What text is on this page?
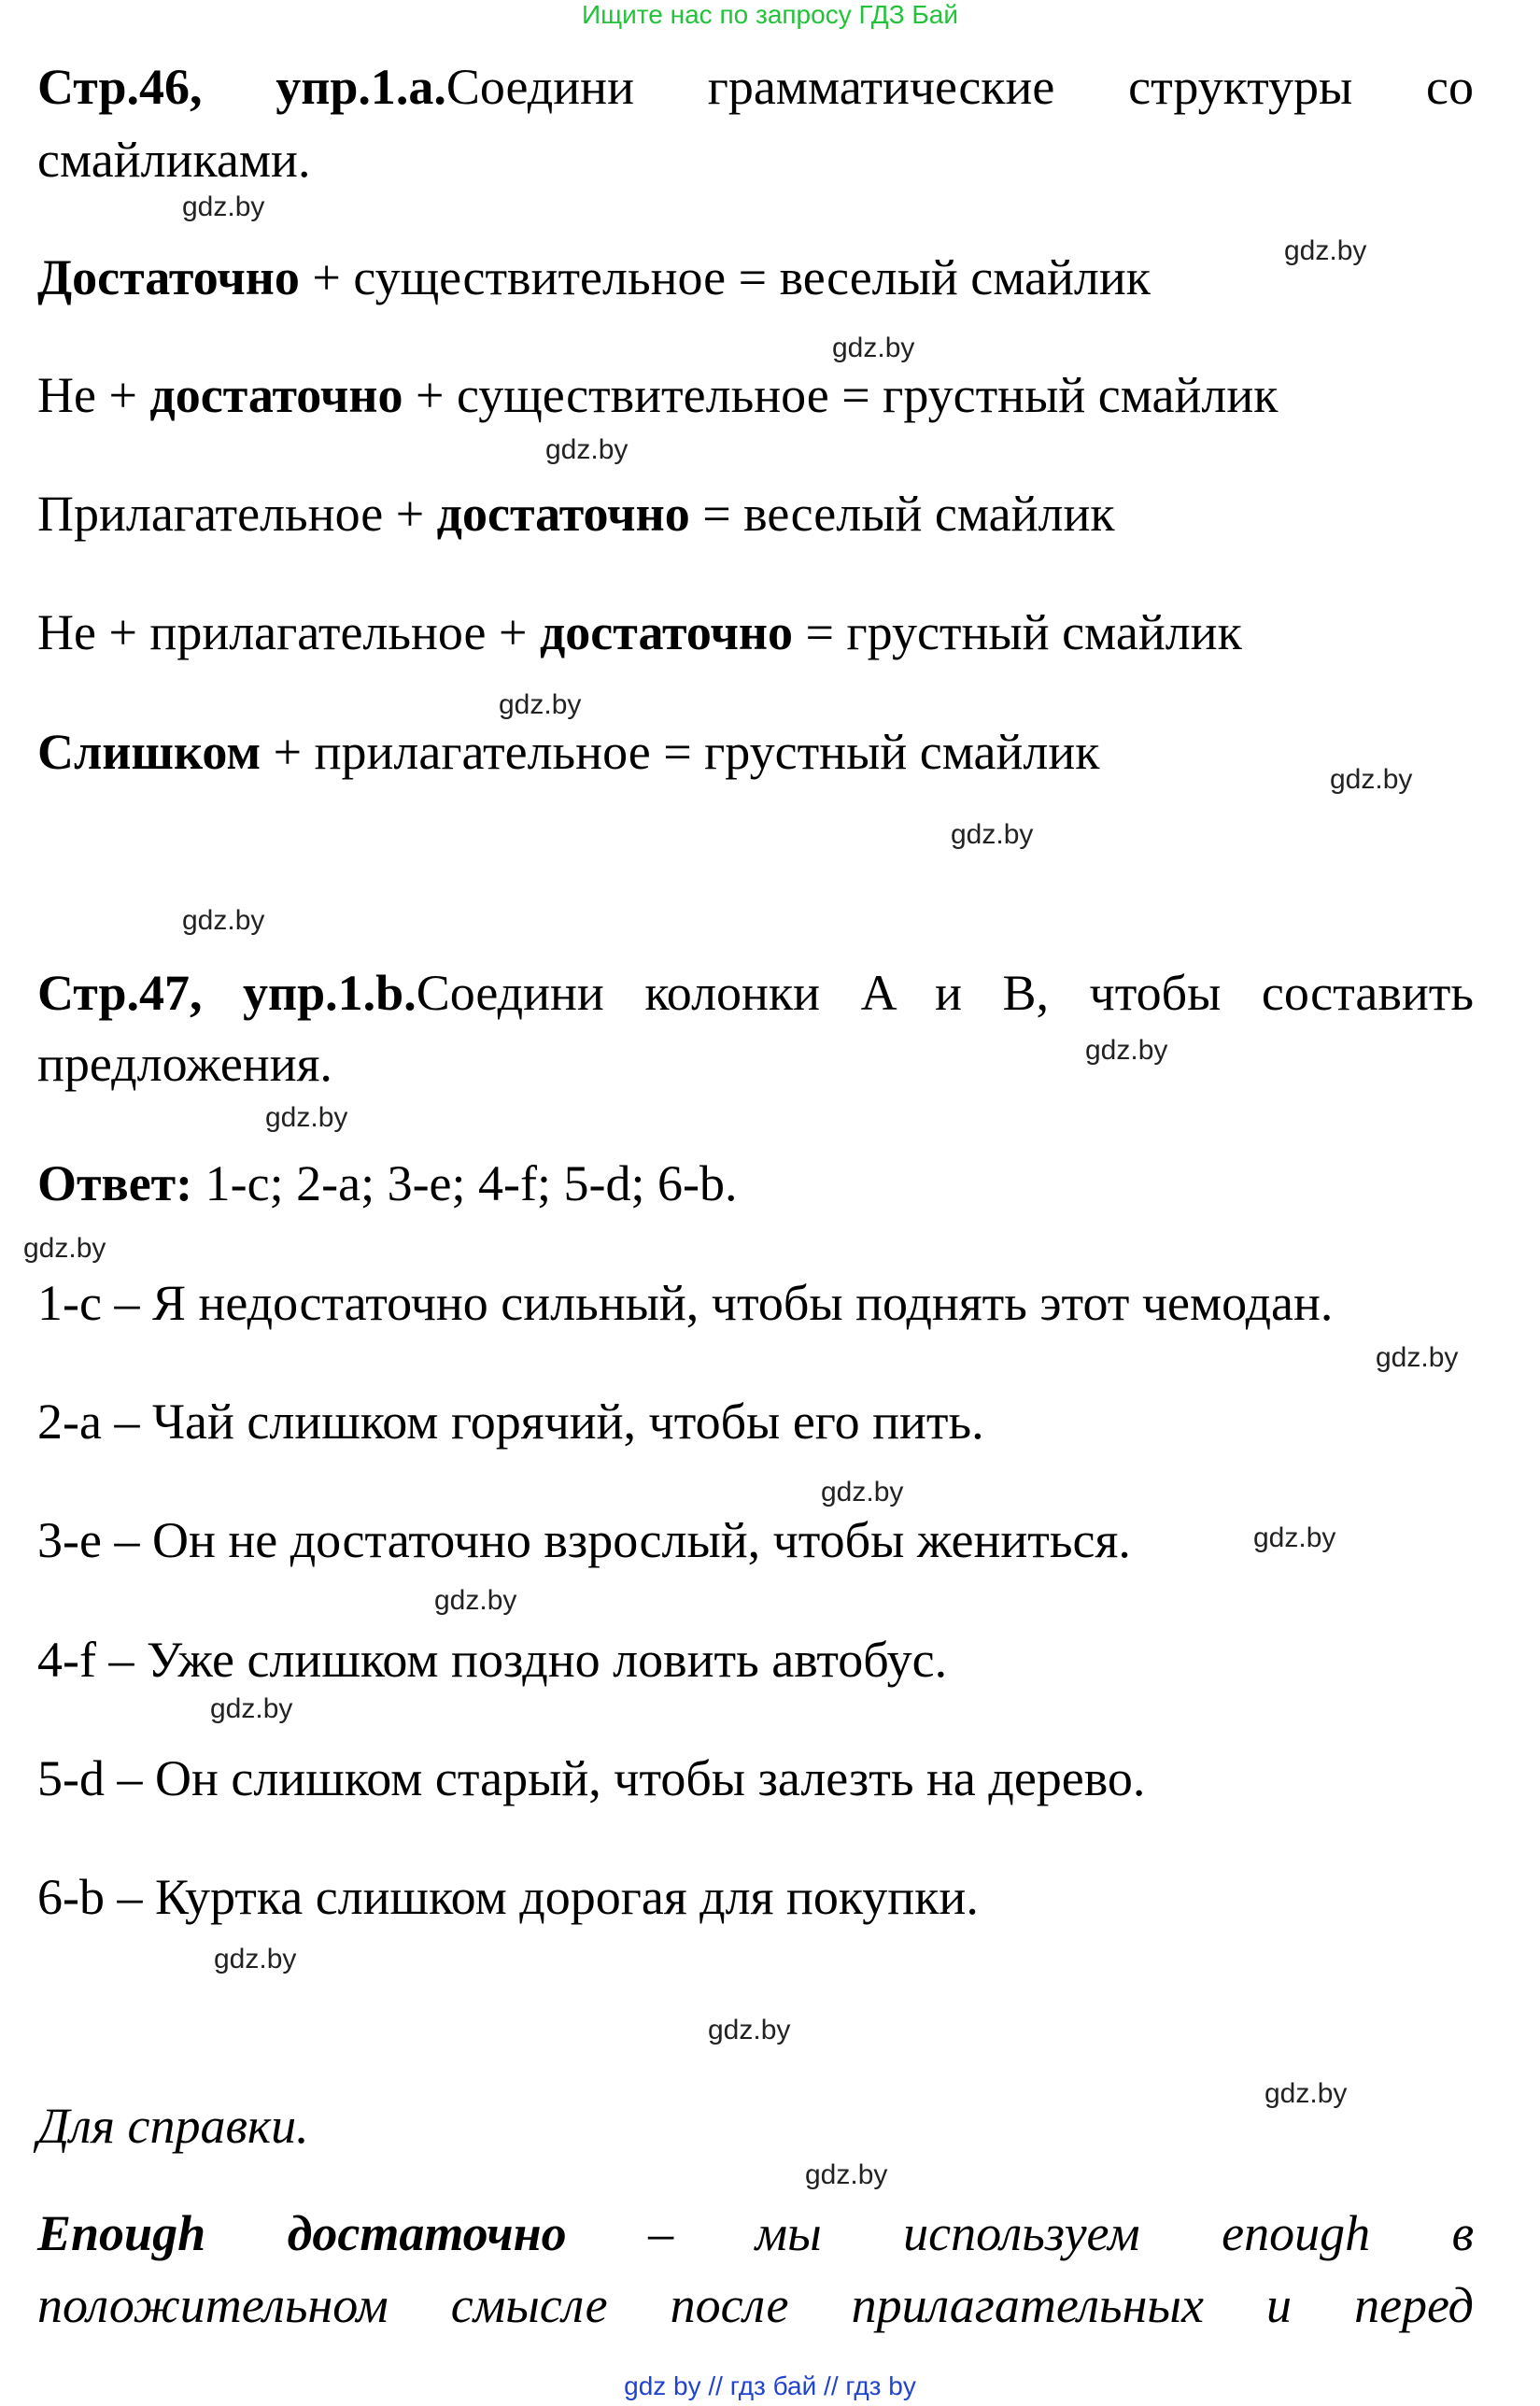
Ищите нас по запросу ГДЗ Бай
Стр.46, упр.1.a.Соедини грамматические структуры со
смайликами.
Достаточно + существительное = веселый смайлик
Не + достаточно + существительное = грустный смайлик
Прилагательное + достаточно = веселый смайлик
Не + прилагательное + достаточно = грустный смайлик
Слишком + прилагательное = грустный смайлик
Стр.47, упр.1.b.Соедини колонки A и B, чтобы составить
предложения.
Ответ: 1-c; 2-a; 3-e; 4-f; 5-d; 6-b.
1-c – Я недостаточно сильный, чтобы поднять этот чемодан.
2-a – Чай слишком горячий, чтобы его пить.
3-e – Он не достаточно взрослый, чтобы жениться.
4-f – Уже слишком поздно ловить автобус.
5-d – Он слишком старый, чтобы залезть на дерево.
6-b – Куртка слишком дорогая для покупки.
Для справки.
Enough достаточно – мы используем enough в
положительном смысле после прилагательных и перед
gdz.by
gdz.by
gdz.by
gdz.by
gdz.by
gdz.by
gdz.by
gdz.by
gdz.by
gdz.by
gdz.by
gdz.by
gdz.by
gdz.by
gdz.by
gdz.by
gdz.by
gdz.by
gdz.by
gdz.by
gdz by // гдз бай // гдз by
